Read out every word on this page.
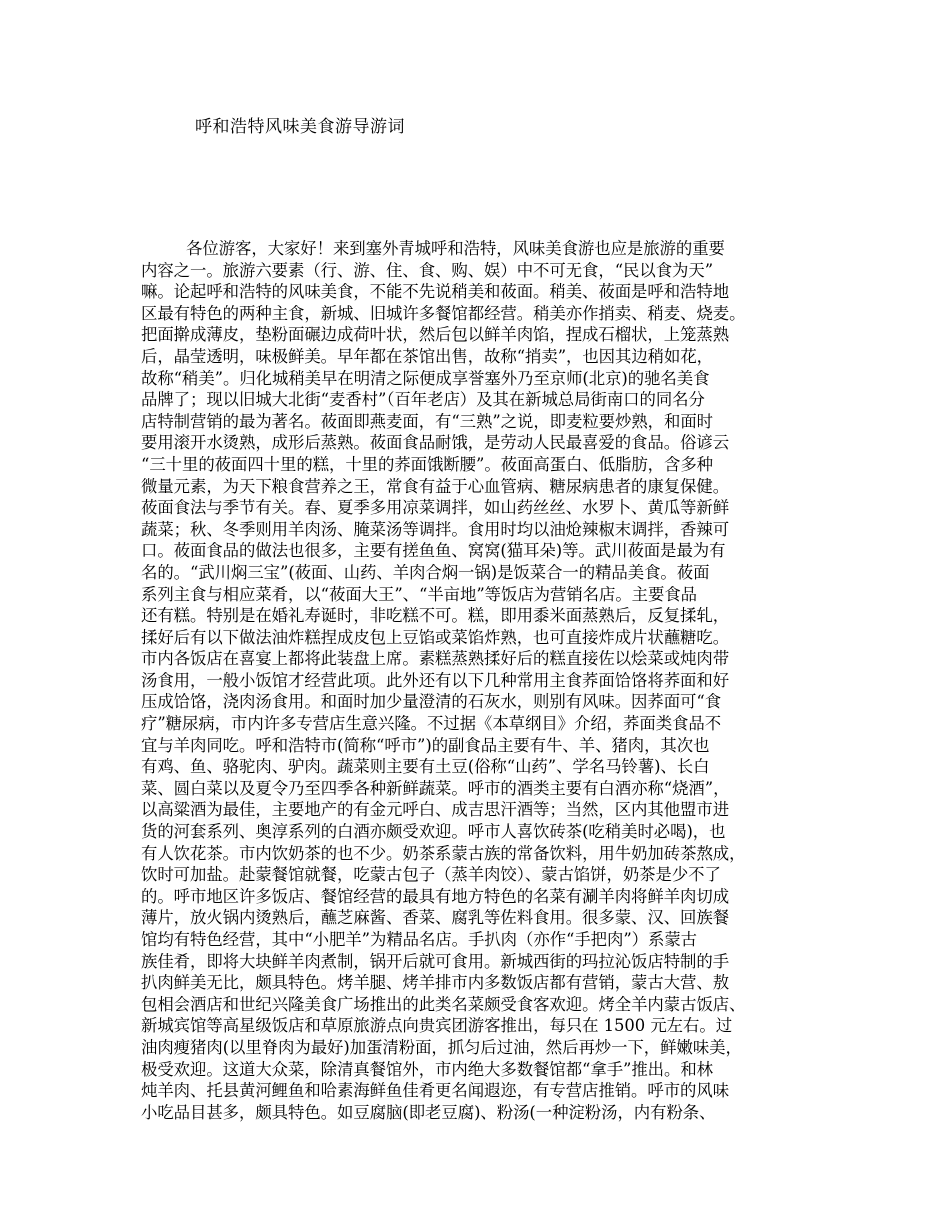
呼和浩特风味美食游导游词
各位游客，大家好！来到塞外青城呼和浩特，风味美食游也应是旅游的重要
内容之一。旅游六要素（行、游、住、食、购、娱）中不可无食，“民以食为天”
嘛。论起呼和浩特的风味美食，不能不先说稍美和莜面。稍美、莜面是呼和浩特地
区最有特色的两种主食，新城、旧城许多餐馆都经营。稍美亦作捎卖、稍麦、烧麦。
把面擀成薄皮，垫粉面碾边成荷叶状，然后包以鲜羊肉馅，捏成石榴状，上笼蒸熟
后，晶莹透明，味极鲜美。早年都在茶馆出售，故称“捎卖”，也因其边稍如花，
故称“稍美”。归化城稍美早在明清之际便成享誉塞外乃至京师(北京)的驰名美食
品牌了；现以旧城大北街“麦香村”（百年老店）及其在新城总局街南口的同名分
店特制营销的最为著名。莜面即燕麦面，有“三熟”之说，即麦粒要炒熟，和面时
要用滚开水烫熟，成形后蒸熟。莜面食品耐饿，是劳动人民最喜爱的食品。俗谚云
“三十里的莜面四十里的糕，十里的荞面饿断腰”。莜面高蛋白、低脂肪，含多种
微量元素，为天下粮食营养之王，常食有益于心血管病、糖尿病患者的康复保健。
莜面食法与季节有关。春、夏季多用凉菜调拌，如山药丝丝、水罗卜、黄瓜等新鲜
蔬菜；秋、冬季则用羊肉汤、腌菜汤等调拌。食用时均以油炝辣椒末调拌，香辣可
口。莜面食品的做法也很多，主要有搓鱼鱼、窝窝(猫耳朵)等。武川莜面是最为有
名的。“武川焖三宝”(莜面、山药、羊肉合焖一锅)是饭菜合一的精品美食。莜面
系列主食与相应菜肴，以“莜面大王”、“半亩地”等饭店为营销名店。主要食品
还有糕。特别是在婚礼寿诞时，非吃糕不可。糕，即用黍米面蒸熟后，反复揉轧，
揉好后有以下做法油炸糕捏成皮包上豆馅或菜馅炸熟，也可直接炸成片状蘸糖吃。
市内各饭店在喜宴上都将此装盘上席。素糕蒸熟揉好后的糕直接佐以烩菜或炖肉带
汤食用，一般小饭馆才经营此项。此外还有以下几种常用主食荞面饸饹将荞面和好
压成饸饹，浇肉汤食用。和面时加少量澄清的石灰水，则别有风味。因荞面可“食
疗”糖尿病，市内许多专营店生意兴隆。不过据《本草纲目》介绍，荞面类食品不
宜与羊肉同吃。呼和浩特市(简称“呼市”)的副食品主要有牛、羊、猪肉，其次也
有鸡、鱼、骆驼肉、驴肉。蔬菜则主要有土豆(俗称“山药”、学名马铃薯)、长白
菜、圆白菜以及夏令乃至四季各种新鲜蔬菜。呼市的酒类主要有白酒亦称“烧酒”，
以高粱酒为最佳，主要地产的有金元呼白、成吉思汗酒等；当然，区内其他盟市进
货的河套系列、奥淳系列的白酒亦颇受欢迎。呼市人喜饮砖茶(吃稍美时必喝)，也
有人饮花茶。市内饮奶茶的也不少。奶茶系蒙古族的常备饮料，用牛奶加砖茶熬成，
饮时可加盐。赴蒙餐馆就餐，吃蒙古包子（蒸羊肉饺）、蒙古馅饼，奶茶是少不了
的。呼市地区许多饭店、餐馆经营的最具有地方特色的名菜有涮羊肉将鲜羊肉切成
薄片，放火锅内烫熟后，蘸芝麻酱、香菜、腐乳等佐料食用。很多蒙、汉、回族餐
馆均有特色经营，其中“小肥羊”为精品名店。手扒肉（亦作“手把肉”）系蒙古
族佳肴，即将大块鲜羊肉煮制，锅开后就可食用。新城西街的玛拉沁饭店特制的手
扒肉鲜美无比，颇具特色。烤羊腿、烤羊排市内多数饭店都有营销，蒙古大营、敖
包相会酒店和世纪兴隆美食广场推出的此类名菜颇受食客欢迎。烤全羊内蒙古饭店、
新城宾馆等高星级饭店和草原旅游点向贵宾团游客推出，每只在 1500 元左右。过
油肉瘦猪肉(以里脊肉为最好)加蛋清粉面，抓匀后过油，然后再炒一下，鲜嫩味美，
极受欢迎。这道大众菜，除清真餐馆外，市内绝大多数餐馆都“拿手”推出。和林
炖羊肉、托县黄河鲤鱼和哈素海鲜鱼佳肴更名闻遐迩，有专营店推销。呼市的风味
小吃品目甚多，颇具特色。如豆腐脑(即老豆腐)、粉汤(一种淀粉汤，内有粉条、
